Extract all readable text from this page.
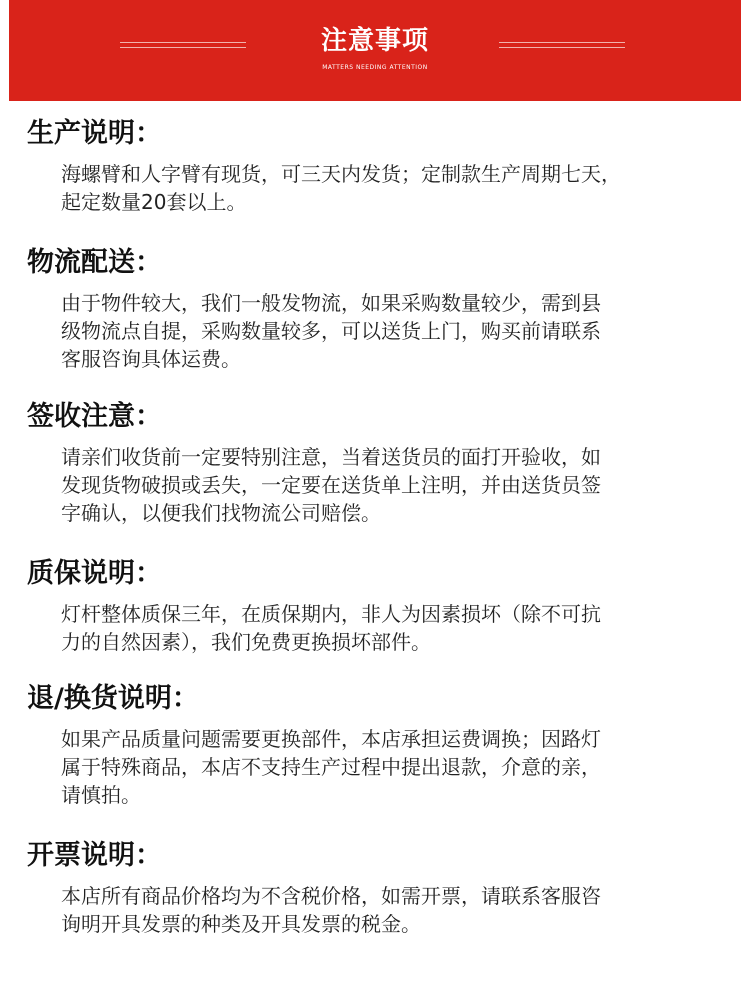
注意事项
MATTERS NEEDING ATTENTION
生产说明：
海螺臂和人字臂有现货，可三天内发货；定制款生产周期七天，
起定数量20套以上。
物流配送：
由于物件较大，我们一般发物流，如果采购数量较少，需到县
级物流点自提，采购数量较多，可以送货上门，购买前请联系
客服咨询具体运费。
签收注意：
请亲们收货前一定要特别注意，当着送货员的面打开验收，如
发现货物破损或丢失，一定要在送货单上注明，并由送货员签
字确认，以便我们找物流公司赔偿。
质保说明：
灯杆整体质保三年，在质保期内，非人为因素损坏（除不可抗
力的自然因素），我们免费更换损坏部件。
退/换货说明：
如果产品质量问题需要更换部件，本店承担运费调换；因路灯
属于特殊商品，本店不支持生产过程中提出退款，介意的亲，
请慎拍。
开票说明：
本店所有商品价格均为不含税价格，如需开票，请联系客服咨
询明开具发票的种类及开具发票的税金。
